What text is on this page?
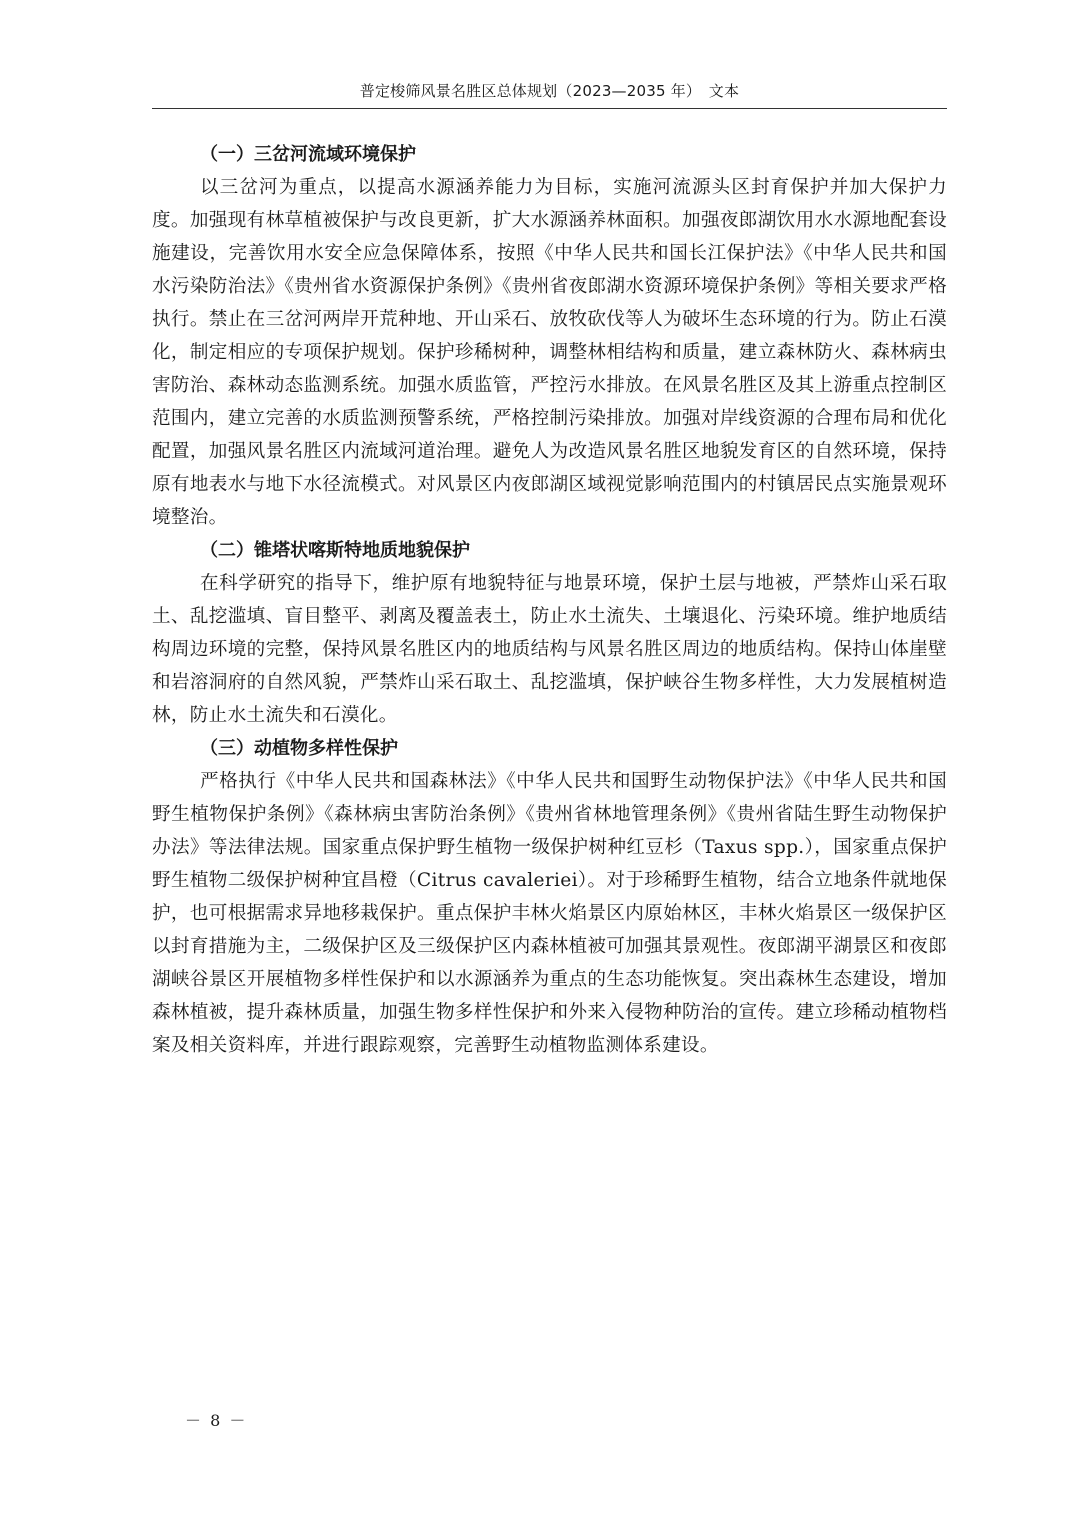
普定梭筛风景名胜区总体规划（2023—2035 年）　文本
（一）三岔河流域环境保护

以三岔河为重点，以提高水源涵养能力为目标，实施河流源头区封育保护并加大保护力度。加强现有林草植被保护与改良更新，扩大水源涵养林面积。加强夜郎湖饮用水水源地配套设施建设，完善饮用水安全应急保障体系，按照《中华人民共和国长江保护法》《中华人民共和国水污染防治法》《贵州省水资源保护条例》《贵州省夜郎湖水资源环境保护条例》等相关要求严格执行。禁止在三岔河两岸开荒种地、开山采石、放牧砍伐等人为破坏生态环境的行为。防止石漠化，制定相应的专项保护规划。保护珍稀树种，调整林相结构和质量，建立森林防火、森林病虫害防治、森林动态监测系统。加强水质监管，严控污水排放。在风景名胜区及其上游重点控制区范围内，建立完善的水质监测预警系统，严格控制污染排放。加强对岸线资源的合理布局和优化配置，加强风景名胜区内流域河道治理。避免人为改造风景名胜区地貌发育区的自然环境，保持原有地表水与地下水径流模式。对风景区内夜郎湖区域视觉影响范围内的村镇居民点实施景观环境整治。

（二）锥塔状喀斯特地质地貌保护

在科学研究的指导下，维护原有地貌特征与地景环境，保护土层与地被，严禁炸山采石取土、乱挖滥填、盲目整平、剥离及覆盖表土，防止水土流失、土壤退化、污染环境。维护地质结构周边环境的完整，保持风景名胜区内的地质结构与风景名胜区周边的地质结构。保持山体崖壁和岩溶洞府的自然风貌，严禁炸山采石取土、乱挖滥填，保护峡谷生物多样性，大力发展植树造林，防止水土流失和石漠化。

（三）动植物多样性保护

严格执行《中华人民共和国森林法》《中华人民共和国野生动物保护法》《中华人民共和国野生植物保护条例》《森林病虫害防治条例》《贵州省林地管理条例》《贵州省陆生野生动物保护办法》等法律法规。国家重点保护野生植物一级保护树种红豆杉（Taxus spp.），国家重点保护野生植物二级保护树种宜昌橙（Citrus cavaleriei）。对于珍稀野生植物，结合立地条件就地保护，也可根据需求异地移栽保护。重点保护丰林火焰景区内原始林区，丰林火焰景区一级保护区以封育措施为主，二级保护区及三级保护区内森林植被可加强其景观性。夜郎湖平湖景区和夜郎湖峡谷景区开展植物多样性保护和以水源涵养为重点的生态功能恢复。突出森林生态建设，增加森林植被，提升森林质量，加强生物多样性保护和外来入侵物种防治的宣传。建立珍稀动植物档案及相关资料库，并进行跟踪观察，完善野生动植物监测体系建设。

－ 8 －
